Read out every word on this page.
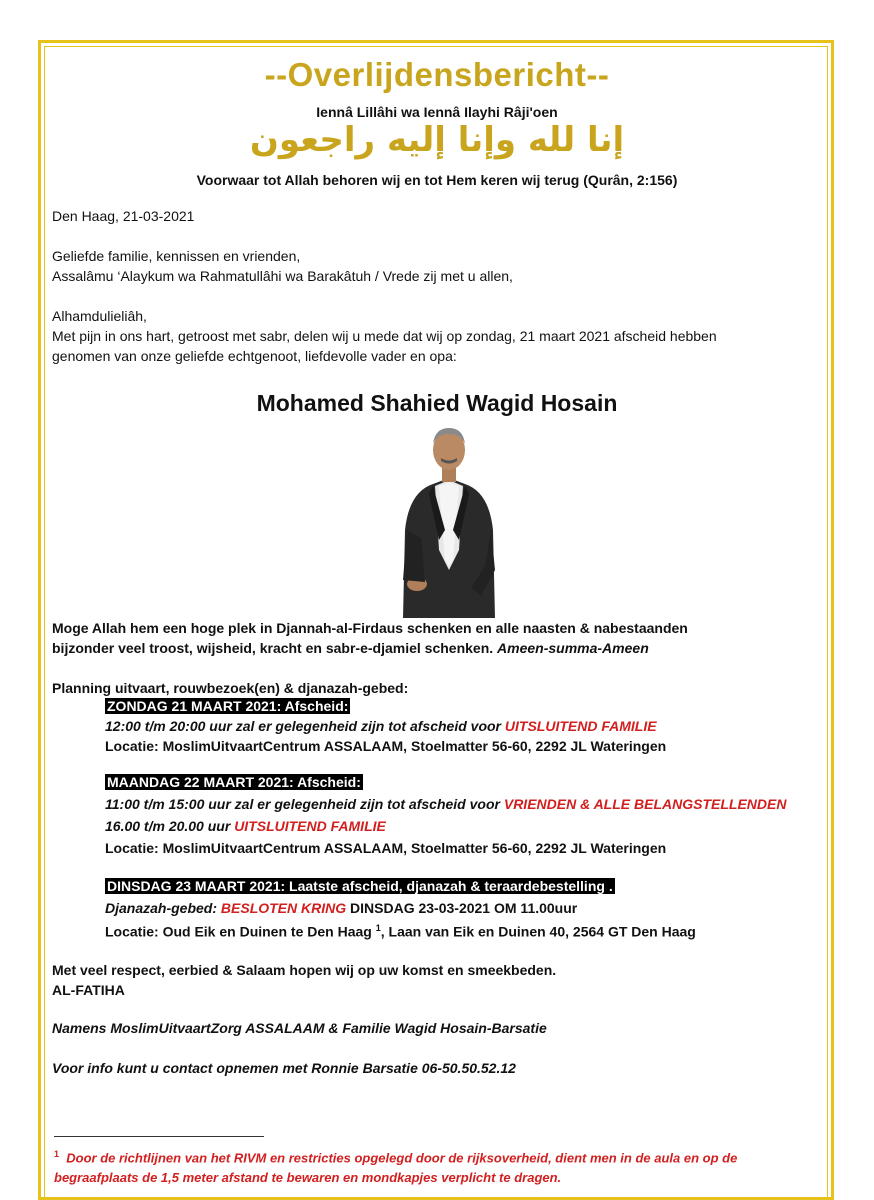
--Overlijdensbericht--
Iennâ Lillâhi wa Iennâ Ilayhi Râji'oen
إنا لله وإنا إليه راجعون
Voorwaar tot Allah behoren wij en tot Hem keren wij terug (Qurân, 2:156)
Den Haag, 21-03-2021
Geliefde familie, kennissen en vrienden,
Assalâmu ‘Alaykum wa Rahmatullâhi wa Barakâtuh / Vrede zij met u allen,
Alhamdulieliâh,
Met pijn in ons hart, getroost met sabr, delen wij u mede dat wij op zondag, 21 maart 2021 afscheid hebben
genomen van onze geliefde echtgenoot, liefdevolle vader en opa:
Mohamed Shahied Wagid Hosain
Moge Allah hem een hoge plek in Djannah-al-Firdaus schenken en alle naasten & nabestaanden
bijzonder veel troost, wijsheid, kracht en sabr-e-djamiel schenken. Ameen-summa-Ameen
Planning uitvaart, rouwbezoek(en) & djanazah-gebed:
ZONDAG 21 MAART 2021: Afscheid:
12:00 t/m 20:00 uur zal er gelegenheid zijn tot afscheid voor UITSLUITEND FAMILIE
Locatie: MoslimUitvaartCentrum ASSALAAM, Stoelmatter 56-60, 2292 JL Wateringen
MAANDAG 22 MAART 2021: Afscheid:
11:00 t/m 15:00 uur zal er gelegenheid zijn tot afscheid voor VRIENDEN & ALLE BELANGSTELLENDEN
16.00 t/m 20.00 uur UITSLUITEND FAMILIE
Locatie: MoslimUitvaartCentrum ASSALAAM, Stoelmatter 56-60, 2292 JL Wateringen
DINSDAG 23 MAART 2021: Laatste afscheid, djanazah & teraardebestelling .
Djanazah-gebed: BESLOTEN KRING DINSDAG 23-03-2021 OM 11.00uur
Locatie: Oud Eik en Duinen te Den Haag $^1$, Laan van Eik en Duinen 40, 2564 GT Den Haag
Met veel respect, eerbied & Salaam hopen wij op uw komst en smeekbeden.
AL-FATIHA
Namens MoslimUitvaartZorg ASSALAAM & Familie Wagid Hosain-Barsatie
Voor info kunt u contact opnemen met Ronnie Barsatie 06-50.50.52.12
$^1$ Door de richtlijnen van het RIVM en restricties opgelegd door de rijksoverheid, dient men in de aula en op de
begraafplaats de 1,5 meter afstand te bewaren en mondkapjes verplicht te dragen.
